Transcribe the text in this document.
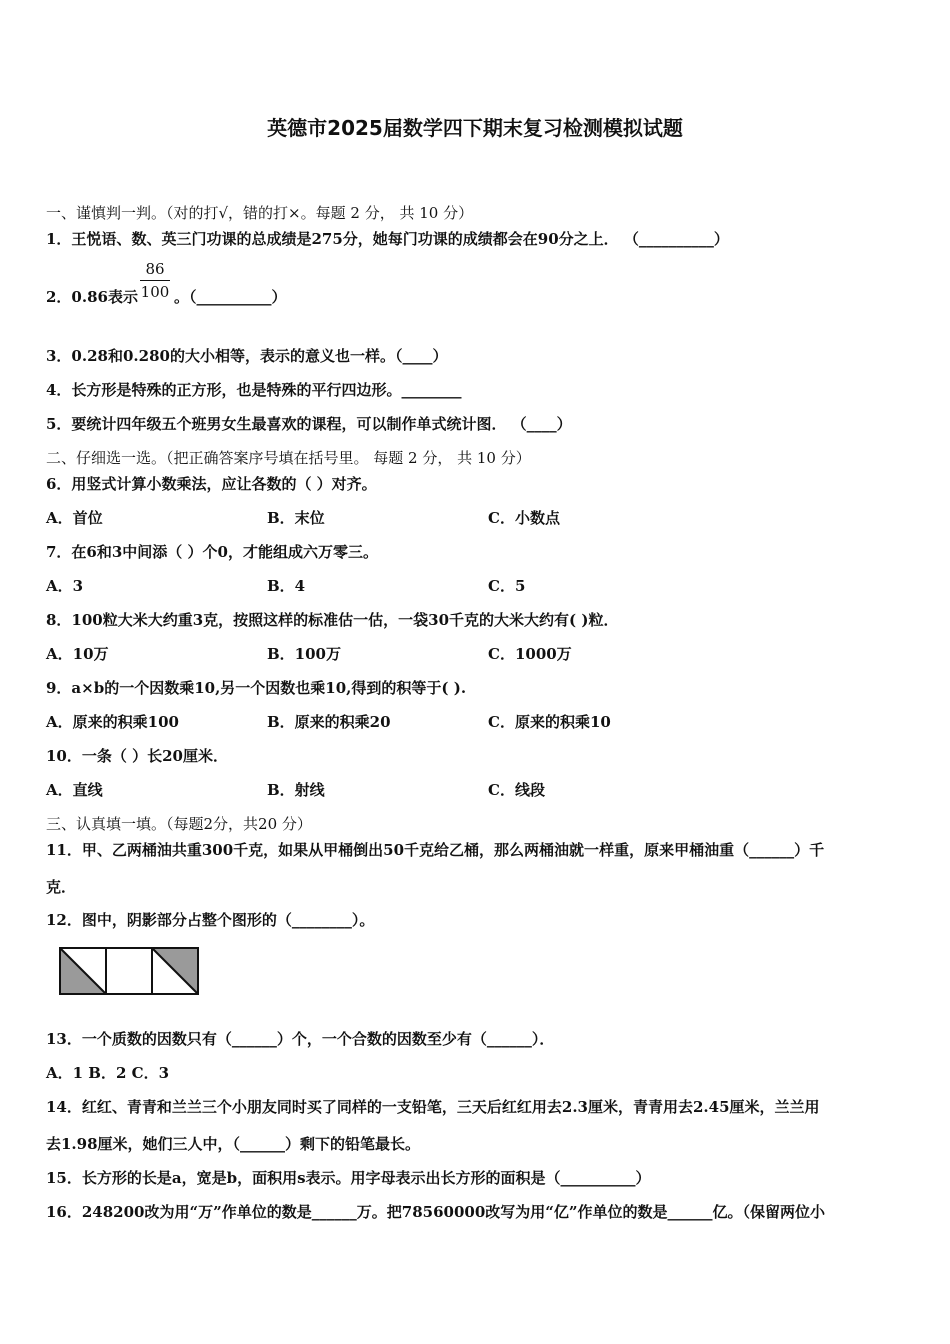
英德市2025届数学四下期末复习检测模拟试题
一、谨慎判一判。（对的打√，错的打×。每题 2 分， 共 10 分）
1．王悦语、数、英三门功课的总成绩是275分，她每门功课的成绩都会在90分之上． （__________）
2．0.86表示 。（__________）
$\frac{86}{100}$
3．0.28和0.280的大小相等，表示的意义也一样。（____）
4．长方形是特殊的正方形，也是特殊的平行四边形。________
5．要统计四年级五个班男女生最喜欢的课程，可以制作单式统计图． （____）
二、仔细选一选。（把正确答案序号填在括号里。 每题 2 分， 共 10 分）
6．用竖式计算小数乘法，应让各数的（ ）对齐。
A．首位	B．末位	C．小数点
7．在6和3中间添（ ）个0，才能组成六万零三。
A．3	B．4	C．5
8．100粒大米大约重3克，按照这样的标准估一估，一袋30千克的大米大约有( )粒．
A．10万	B．100万	C．1000万
9．a×b的一个因数乘10,另一个因数也乘10,得到的积等于( ).
A．原来的积乘100	B．原来的积乘20	C．原来的积乘10
10．一条（ ）长20厘米．
A．直线	B．射线	C．线段
三、认真填一填。（每题2分，共20 分）
11．甲、乙两桶油共重300千克，如果从甲桶倒出50千克给乙桶，那么两桶油就一样重，原来甲桶油重（______）千
克．
12．图中，阴影部分占整个图形的（________）。
13．一个质数的因数只有（______）个，一个合数的因数至少有（______）．
A．1 B．2 C．3
14．红红、青青和兰兰三个小朋友同时买了同样的一支铅笔，三天后红红用去2.3厘米，青青用去2.45厘米，兰兰用
去1.98厘米，她们三人中，（______）剩下的铅笔最长。
15．长方形的长是a，宽是b，面积用s表示。用字母表示出长方形的面积是（__________）
16．248200改为用“万”作单位的数是______万。把78560000改写为用“亿”作单位的数是______亿。（保留两位小
